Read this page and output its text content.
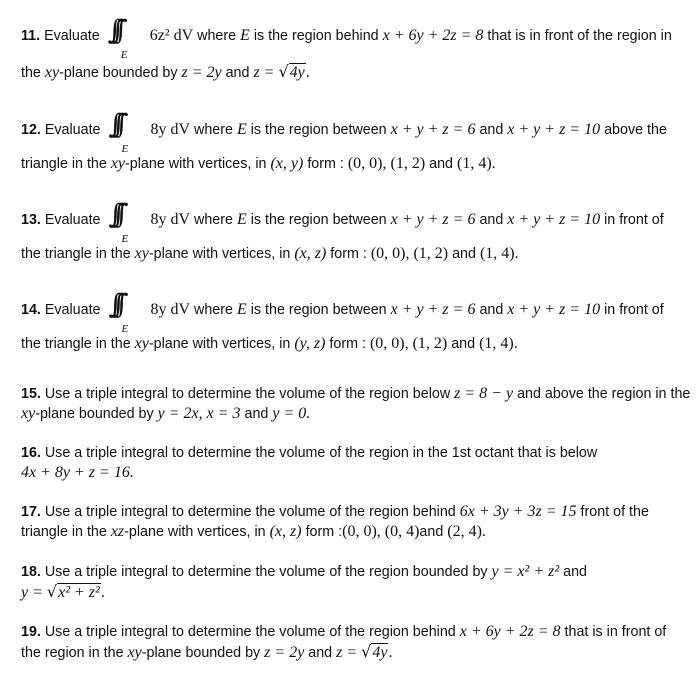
11. Evaluate ∫∫∫
E
6z² dV where E is the region behind x + 6y + 2z = 8 that is in front of the region in
the xy-plane bounded by z = 2y and z = √4y.
12. Evaluate ∫∫∫
E
8y dV where E is the region between x + y + z = 6 and x + y + z = 10 above the
triangle in the xy-plane with vertices, in (x, y) form : (0, 0), (1, 2) and (1, 4).
13. Evaluate ∫∫∫
E
8y dV where E is the region between x + y + z = 6 and x + y + z = 10 in front of
the triangle in the xy-plane with vertices, in (x, z) form : (0, 0), (1, 2) and (1, 4).
14. Evaluate ∫∫∫
E
8y dV where E is the region between x + y + z = 6 and x + y + z = 10 in front of
the triangle in the xy-plane with vertices, in (y, z) form : (0, 0), (1, 2) and (1, 4).
15. Use a triple integral to determine the volume of the region below z = 8 − y and above the region in the
xy-plane bounded by y = 2x, x = 3 and y = 0.
16. Use a triple integral to determine the volume of the region in the 1st octant that is below
4x + 8y + z = 16.
17. Use a triple integral to determine the volume of the region behind 6x + 3y + 3z = 15 front of the
triangle in the xz-plane with vertices, in (x, z) form :(0, 0), (0, 4)and (2, 4).
18. Use a triple integral to determine the volume of the region bounded by y = x² + z² and
y = √x² + z².
19. Use a triple integral to determine the volume of the region behind x + 6y + 2z = 8 that is in front of
the region in the xy-plane bounded by z = 2y and z = √4y.
